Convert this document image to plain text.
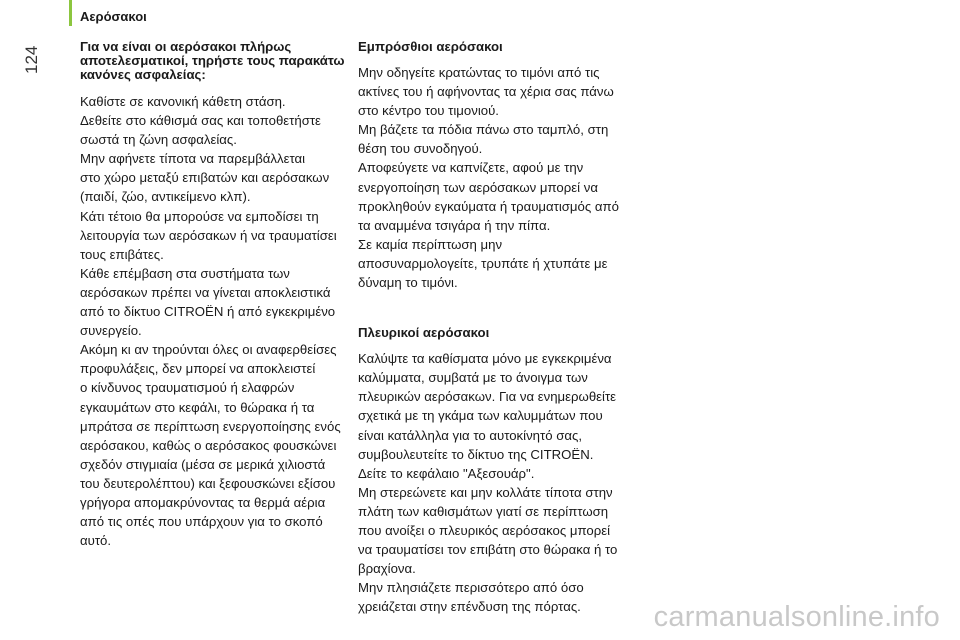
Αερόσακοι
124	Για να είναι οι αερόσακοι πλήρως
αποτελεσματικοί, τηρήστε τους παρακάτω
κανόνες ασφαλείας:
Καθίστε σε κανονική κάθετη στάση.
Δεθείτε στο κάθισμά σας και τοποθετήστε
σωστά τη ζώνη ασφαλείας.
Μην αφήνετε τίποτα να παρεμβάλλεται
στο χώρο μεταξύ επιβατών και αερόσακων
(παιδί, ζώο, αντικείμενο κλπ).
Κάτι τέτοιο θα μπορούσε να εμποδίσει τη
λειτουργία των αερόσακων ή να τραυματίσει
τους επιβάτες.
Κάθε επέμβαση στα συστήματα των
αερόσακων πρέπει να γίνεται αποκλειστικά
από το δίκτυο CITROËN ή από εγκεκριμένο
συνεργείο.
Ακόμη κι αν τηρούνται όλες οι αναφερθείσες
προφυλάξεις, δεν μπορεί να αποκλειστεί
ο κίνδυνος τραυματισμού ή ελαφρών
εγκαυμάτων στο κεφάλι, το θώρακα ή τα
μπράτσα σε περίπτωση ενεργοποίησης ενός
αερόσακου, καθώς ο αερόσακος φουσκώνει
σχεδόν στιγμιαία (μέσα σε μερικά χιλιοστά
του δευτερολέπτου) και ξεφουσκώνει εξίσου
γρήγορα απομακρύνοντας τα θερμά αέρια
από τις οπές που υπάρχουν για το σκοπό
αυτό.
Εμπρόσθιοι αερόσακοι
Μην οδηγείτε κρατώντας το τιμόνι από τις
ακτίνες του ή αφήνοντας τα χέρια σας πάνω
στο κέντρο του τιμονιού.
Μη βάζετε τα πόδια πάνω στο ταμπλό, στη
θέση του συνοδηγού.
Αποφεύγετε να καπνίζετε, αφού με την
ενεργοποίηση των αερόσακων μπορεί να
προκληθούν εγκαύματα ή τραυματισμός από
τα αναμμένα τσιγάρα ή την πίπα.
Σε καμία περίπτωση μην
αποσυναρμολογείτε, τρυπάτε ή χτυπάτε με
δύναμη το τιμόνι.
Πλευρικοί αερόσακοι
Καλύψτε τα καθίσματα μόνο με εγκεκριμένα
καλύμματα, συμβατά με το άνοιγμα των
πλευρικών αερόσακων. Για να ενημερωθείτε
σχετικά με τη γκάμα των καλυμμάτων που
είναι κατάλληλα για το αυτοκίνητό σας,
συμβουλευτείτε το δίκτυο της CITROËN.
Δείτε το κεφάλαιο "Αξεσουάρ".
Μη στερεώνετε και μην κολλάτε τίποτα στην
πλάτη των καθισμάτων γιατί σε περίπτωση
που ανοίξει ο πλευρικός αερόσακος μπορεί
να τραυματίσει τον επιβάτη στο θώρακα ή το
βραχίονα.
Μην πλησιάζετε περισσότερο από όσο
χρειάζεται στην επένδυση της πόρτας.	carmanualsonline.info
